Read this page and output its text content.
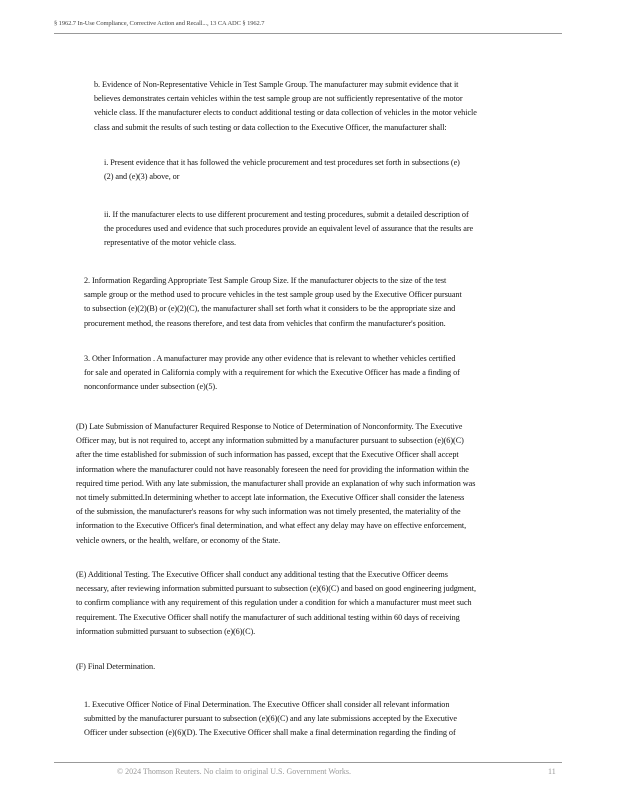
§ 1962.7 In-Use Compliance, Corrective Action and Recall..., 13 CA ADC § 1962.7

b. Evidence of Non-Representative Vehicle in Test Sample Group. The manufacturer may submit evidence that it
believes demonstrates certain vehicles within the test sample group are not sufficiently representative of the motor
vehicle class. If the manufacturer elects to conduct additional testing or data collection of vehicles in the motor vehicle
class and submit the results of such testing or data collection to the Executive Officer, the manufacturer shall:

i. Present evidence that it has followed the vehicle procurement and test procedures set forth in subsections (e)
(2) and (e)(3) above, or

ii. If the manufacturer elects to use different procurement and testing procedures, submit a detailed description of
the procedures used and evidence that such procedures provide an equivalent level of assurance that the results are
representative of the motor vehicle class.

2. Information Regarding Appropriate Test Sample Group Size. If the manufacturer objects to the size of the test
sample group or the method used to procure vehicles in the test sample group used by the Executive Officer pursuant
to subsection (e)(2)(B) or (e)(2)(C), the manufacturer shall set forth what it considers to be the appropriate size and
procurement method, the reasons therefore, and test data from vehicles that confirm the manufacturer's position.

3. Other Information . A manufacturer may provide any other evidence that is relevant to whether vehicles certified
for sale and operated in California comply with a requirement for which the Executive Officer has made a finding of
nonconformance under subsection (e)(5).

(D) Late Submission of Manufacturer Required Response to Notice of Determination of Nonconformity. The Executive
Officer may, but is not required to, accept any information submitted by a manufacturer pursuant to subsection (e)(6)(C)
after the time established for submission of such information has passed, except that the Executive Officer shall accept
information where the manufacturer could not have reasonably foreseen the need for providing the information within the
required time period. With any late submission, the manufacturer shall provide an explanation of why such information was
not timely submitted.In determining whether to accept late information, the Executive Officer shall consider the lateness
of the submission, the manufacturer's reasons for why such information was not timely presented, the materiality of the
information to the Executive Officer's final determination, and what effect any delay may have on effective enforcement,
vehicle owners, or the health, welfare, or economy of the State.

(E) Additional Testing. The Executive Officer shall conduct any additional testing that the Executive Officer deems
necessary, after reviewing information submitted pursuant to subsection (e)(6)(C) and based on good engineering judgment,
to confirm compliance with any requirement of this regulation under a condition for which a manufacturer must meet such
requirement. The Executive Officer shall notify the manufacturer of such additional testing within 60 days of receiving
information submitted pursuant to subsection (e)(6)(C).

(F) Final Determination.

1. Executive Officer Notice of Final Determination. The Executive Officer shall consider all relevant information
submitted by the manufacturer pursuant to subsection (e)(6)(C) and any late submissions accepted by the Executive
Officer under subsection (e)(6)(D). The Executive Officer shall make a final determination regarding the finding of

© 2024 Thomson Reuters. No claim to original U.S. Government Works.	11
